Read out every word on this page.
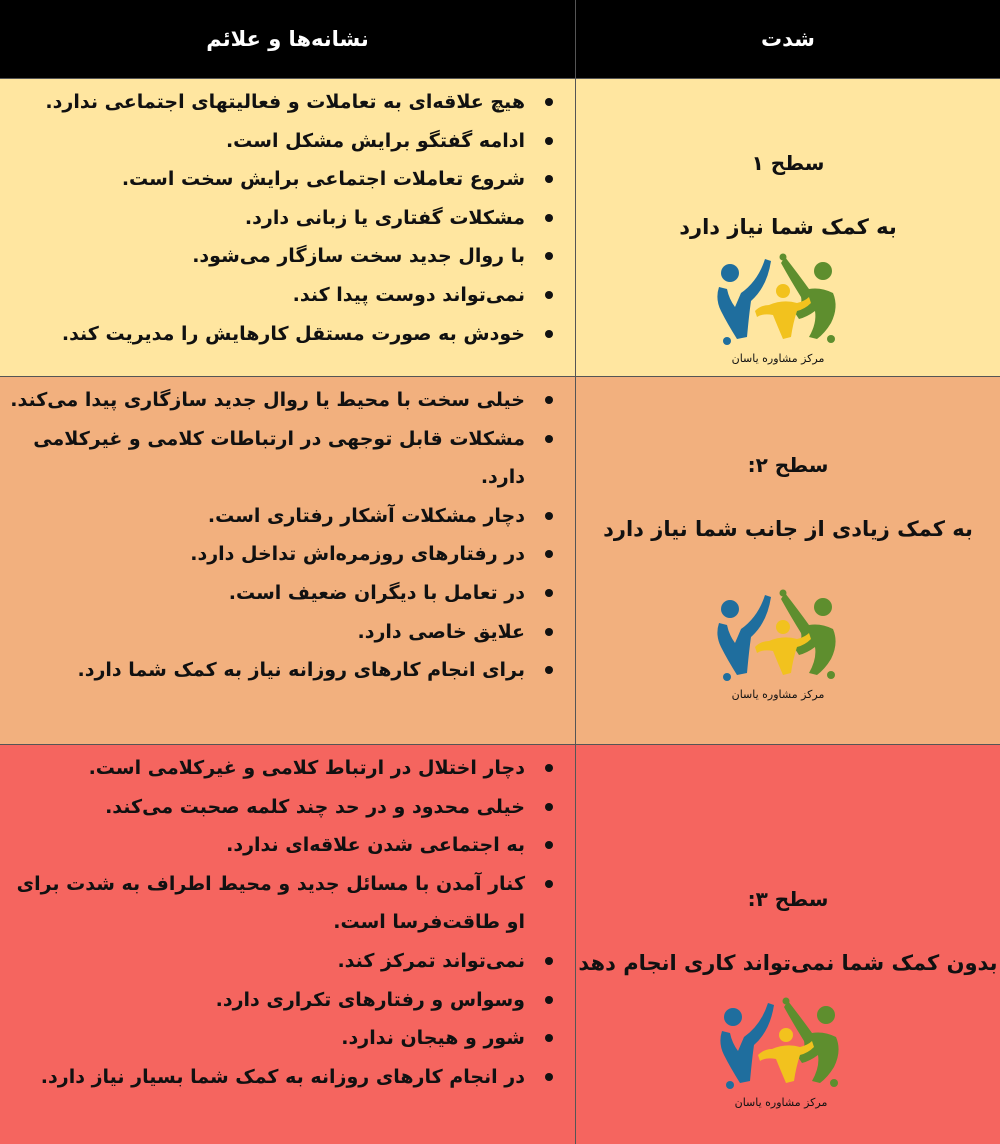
نشانه‌ها و علائم	شدت
هیچ علاقه‌ای به تعاملات و فعالیتهای اجتماعی ندارد.
ادامه گفتگو برایش مشکل است.
شروع تعاملات اجتماعی برایش سخت است.
مشکلات گفتاری یا زبانی دارد.
با روال جدید سخت سازگار می‌شود.
نمی‌تواند دوست پیدا کند.
خودش به صورت مستقل کارهایش را مدیریت کند.
سطح ۱
به کمک شما نیاز دارد
مرکز مشاوره یاسان
خیلی سخت با محیط یا روال جدید سازگاری پیدا می‌کند.
مشکلات قابل توجهی در ارتباطات کلامی و غیرکلامی دارد.
دچار مشکلات آشکار رفتاری است.
در رفتارهای روزمره‌اش تداخل دارد.
در تعامل با دیگران ضعیف است.
علایق خاصی دارد.
برای انجام کارهای روزانه نیاز به کمک شما دارد.
سطح ۲:
به کمک زیادی از جانب شما نیاز دارد
مرکز مشاوره یاسان
دچار اختلال در ارتباط کلامی و غیرکلامی است.
خیلی محدود و در حد چند کلمه صحبت می‌کند.
به اجتماعی شدن علاقه‌ای ندارد.
کنار آمدن با مسائل جدید و محیط اطراف به شدت برای او طاقت‌فرسا است.
نمی‌تواند تمرکز کند.
وسواس و رفتارهای تکراری دارد.
شور و هیجان ندارد.
در انجام کارهای روزانه به کمک شما بسیار نیاز دارد.
سطح ۳:
بدون کمک شما نمی‌تواند کاری انجام دهد
مرکز مشاوره یاسان
